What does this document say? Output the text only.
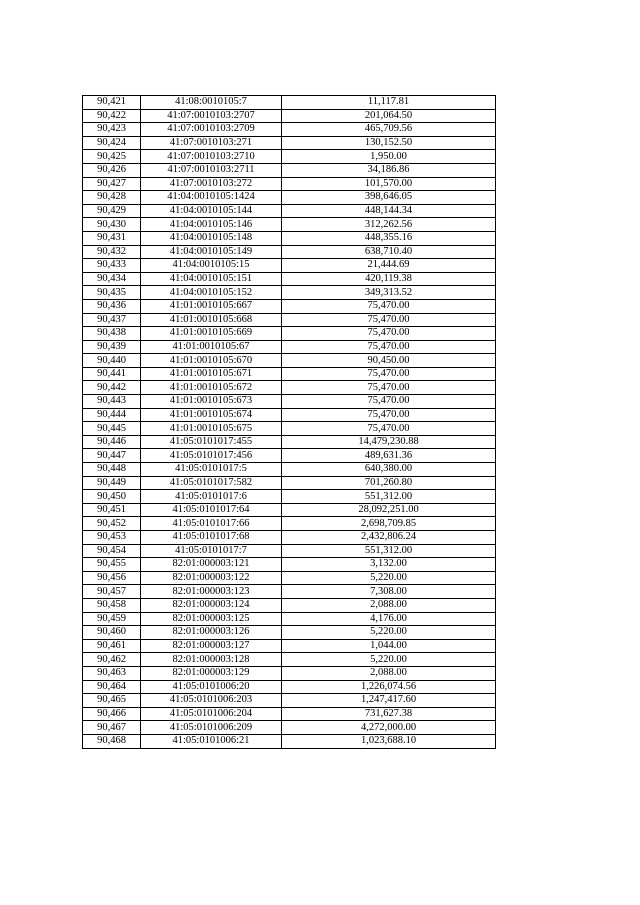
90,421	41:08:0010105:7	11,117.81
90,422	41:07:0010103:2707	201,064.50
90,423	41:07:0010103:2709	465,709.56
90,424	41:07:0010103:271	130,152.50
90,425	41:07:0010103:2710	1,950.00
90,426	41:07:0010103:2711	34,186.86
90,427	41:07:0010103:272	101,570.00
90,428	41:04:0010105:1424	398,646.05
90,429	41:04:0010105:144	448,144.34
90,430	41:04:0010105:146	312,262.56
90,431	41:04:0010105:148	448,355.16
90,432	41:04:0010105:149	638,710.40
90,433	41:04:0010105:15	21,444.69
90,434	41:04:0010105:151	420,119.38
90,435	41:04:0010105:152	349,313.52
90,436	41:01:0010105:667	75,470.00
90,437	41:01:0010105:668	75,470.00
90,438	41:01:0010105:669	75,470.00
90,439	41:01:0010105:67	75,470.00
90,440	41:01:0010105:670	90,450.00
90,441	41:01:0010105:671	75,470.00
90,442	41:01:0010105:672	75,470.00
90,443	41:01:0010105:673	75,470.00
90,444	41:01:0010105:674	75,470.00
90,445	41:01:0010105:675	75,470.00
90,446	41:05:0101017:455	14,479,230.88
90,447	41:05:0101017:456	489,631.36
90,448	41:05:0101017:5	640,380.00
90,449	41:05:0101017:582	701,260.80
90,450	41:05:0101017:6	551,312.00
90,451	41:05:0101017:64	28,092,251.00
90,452	41:05:0101017:66	2,698,709.85
90,453	41:05:0101017:68	2,432,806.24
90,454	41:05:0101017:7	551,312.00
90,455	82:01:000003:121	3,132.00
90,456	82:01:000003:122	5,220.00
90,457	82:01:000003:123	7,308.00
90,458	82:01:000003:124	2,088.00
90,459	82:01:000003:125	4,176.00
90,460	82:01:000003:126	5,220.00
90,461	82:01:000003:127	1,044.00
90,462	82:01:000003:128	5,220.00
90,463	82:01:000003:129	2,088.00
90,464	41:05:0101006:20	1,226,074.56
90,465	41:05:0101006:203	1,247,417.60
90,466	41:05:0101006:204	731,627.38
90,467	41:05:0101006:209	4,272,000.00
90,468	41:05:0101006:21	1,023,688.10
